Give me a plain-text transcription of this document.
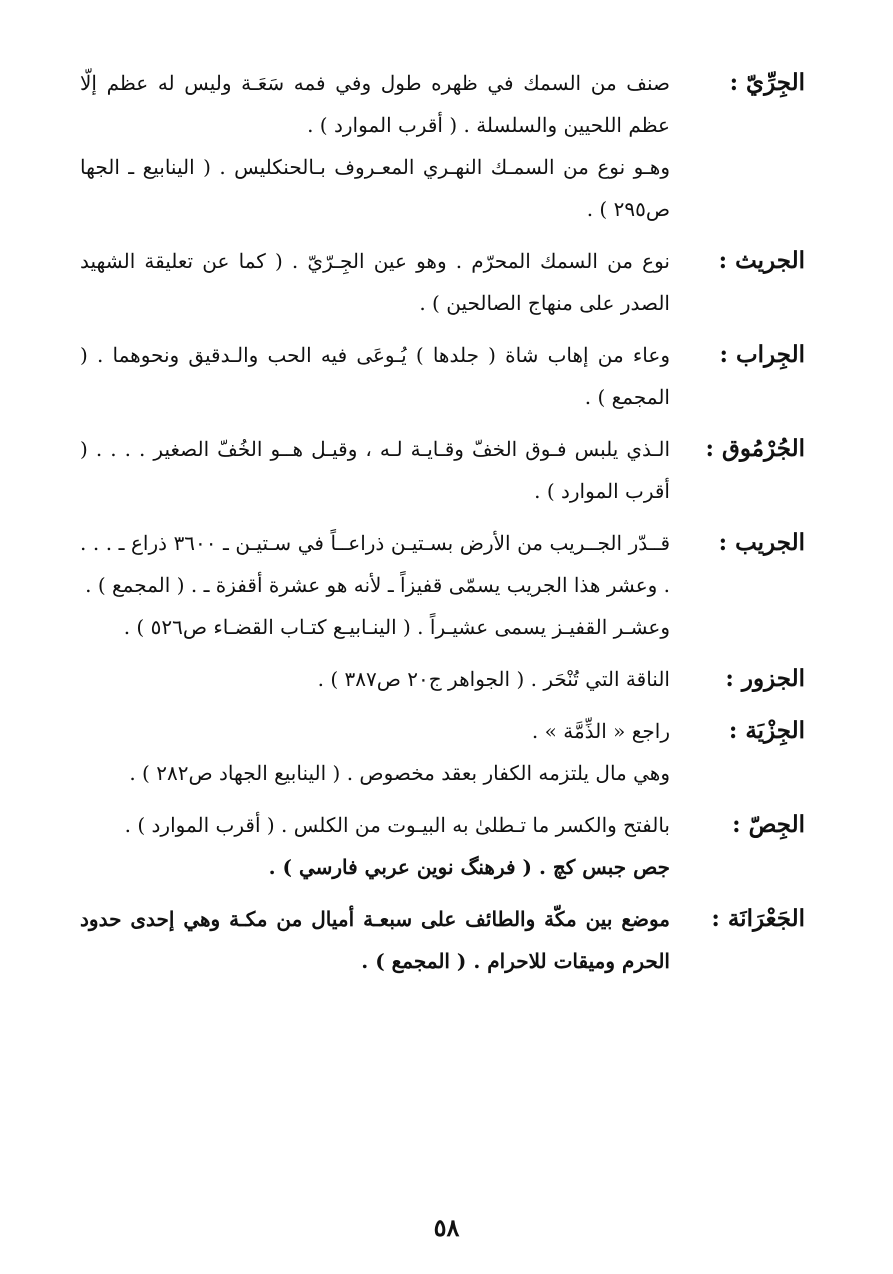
الجِرِّيّ :

صنف من السمك في ظهره طول وفي فمه سَعَـة وليس له عظم إلّا عظم اللحيين والسلسلة . ( أقرب الموارد ) .

وهـو نوع من السمـك النهـري المعـروف بـالحنكليس . ( الينابيع ـ الجها ص٢٩٥ ) .

الجريث :

نوع من السمك المحرّم . وهو عين الجِـرّيّ . ( كما عن تعليقة الشهيد الصدر على منهاج الصالحين ) .

الجِراب :

وعاء من إهاب شاة ( جلدها ) يُـوعَى فيه الحب والـدقيق ونحوهما . ( المجمع ) .

الجُرْمُوق :

الـذي يلبس فـوق الخفّ وقـايـة لـه ، وقيـل هــو الخُفّ الصغير . . . . ( أقرب الموارد ) .

الجريب :

قــدّر الجــريب من الأرض بسـتيـن ذراعــاً في سـتيـن ـ ٣٦٠٠ ذراع ـ . . . . وعشر هذا الجريب يسمّى قفيزاً ـ لأنه هو عشرة أقفزة ـ . ( المجمع ) .

وعشـر القفيـز يسمى عشيـراً . ( الينـابيـع كتـاب القضـاء ص٥٢٦ ) .

الجزور :

الناقة التي تُنْحَر . ( الجواهر ج٢٠ ص٣٨٧ ) .

الجِزْيَة :

راجع « الذِّمَّة » .

وهي مال يلتزمه الكفار بعقد مخصوص . ( الينابيع الجهاد ص٢٨٢ ) .

الجِصّ :

بالفتح والكسر ما تـطلىٰ به البيـوت من الكلس . ( أقرب الموارد ) .

جص جبس كچ . ( فرهنگ نوين عربي فارسي ) .

الجَعْرَانَة :

موضع بين مكّة والطائف على سبعـة أميال من مكـة وهي إحدى حدود الحرم وميقات للاحرام . ( المجمع ) .

٥٨
